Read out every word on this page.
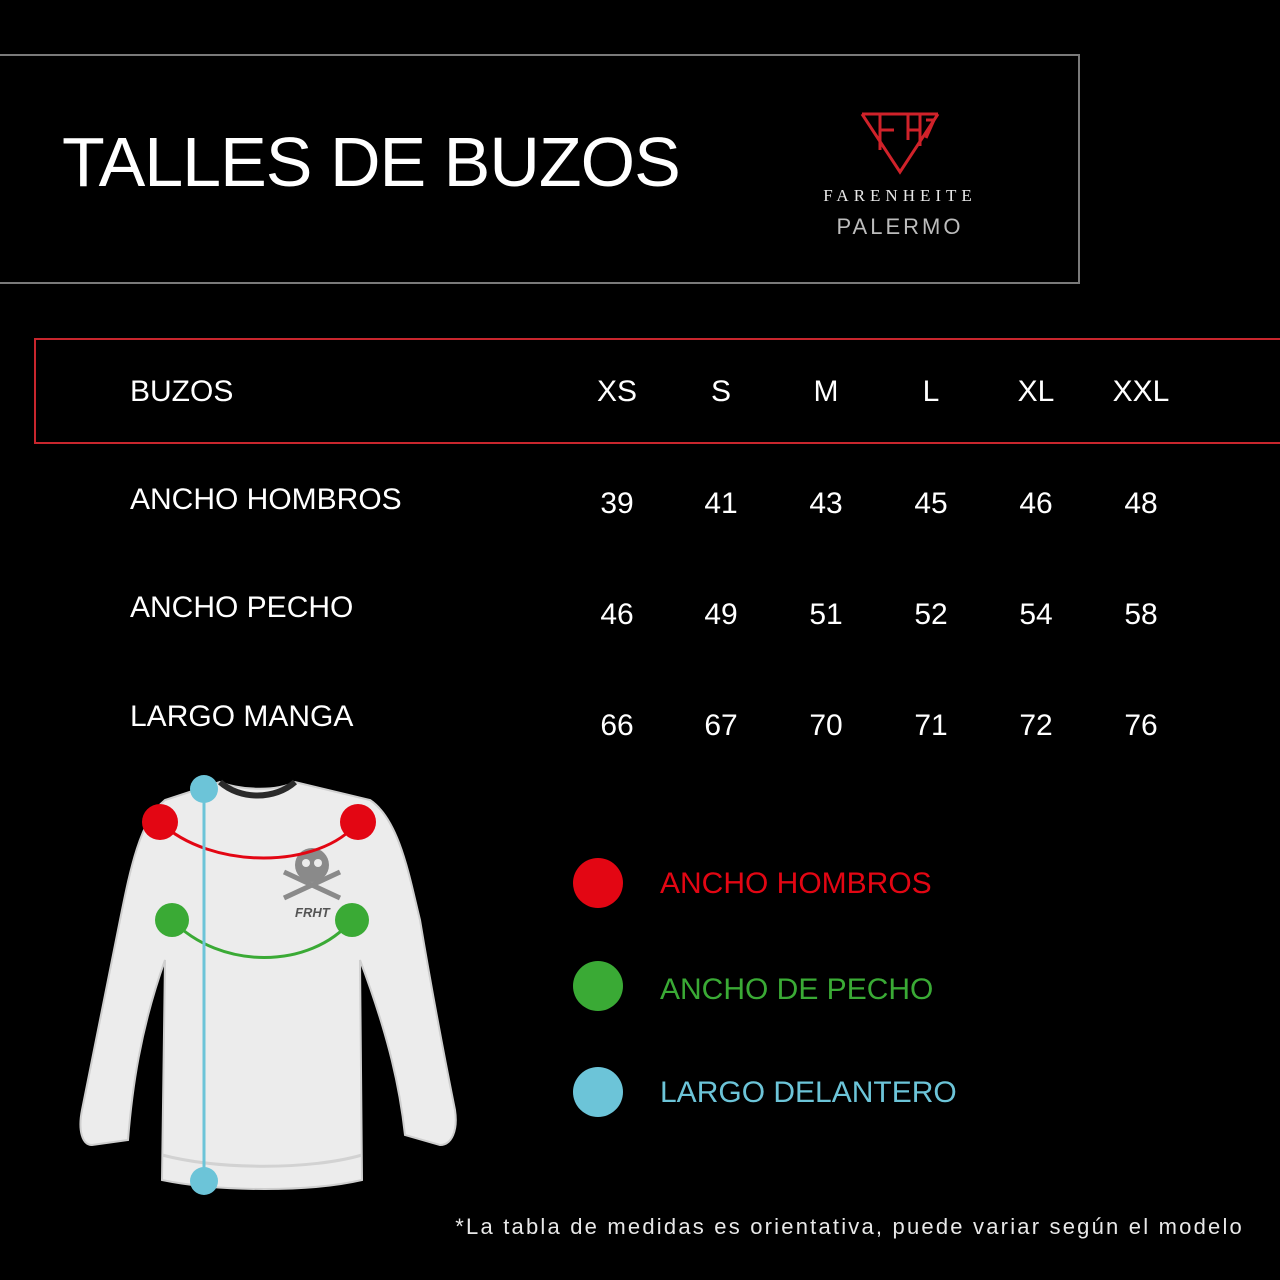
TALLES DE BUZOS	FARENHEITE
PALERMO
BUZOS	XS	S	M	L	XL	XXL
ANCHO HOMBROS	39	41	43	45	46	48
ANCHO PECHO	46	49	51	52	54	58
LARGO MANGA	66	67	70	71	72	76
FRHT
ANCHO HOMBROS
ANCHO DE PECHO
LARGO DELANTERO
*La tabla de medidas es orientativa, puede variar según el modelo
